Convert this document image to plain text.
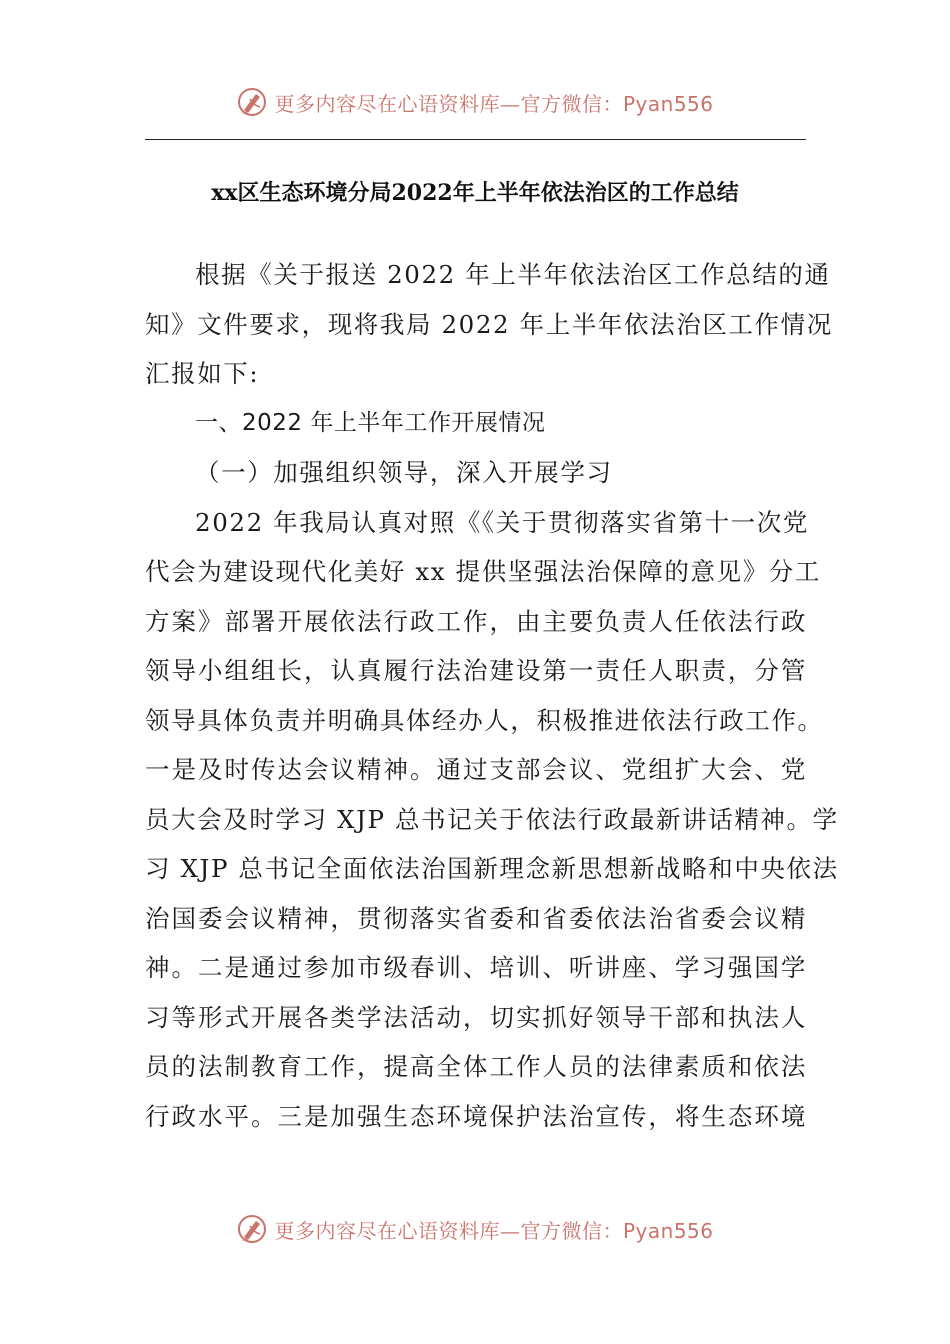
更多内容尽在心语资料库—官方微信：Pyan556
xx区生态环境分局2022年上半年依法治区的工作总结
根据《关于报送 2022 年上半年依法治区工作总结的通
知》文件要求，现将我局 2022 年上半年依法治区工作情况
汇报如下:
一、2022 年上半年工作开展情况
（一）加强组织领导，深入开展学习
2022 年我局认真对照《《关于贯彻落实省第十一次党
代会为建设现代化美好 xx 提供坚强法治保障的意见》分工
方案》部署开展依法行政工作，由主要负责人任依法行政
领导小组组长，认真履行法治建设第一责任人职责，分管
领导具体负责并明确具体经办人，积极推进依法行政工作。
一是及时传达会议精神。通过支部会议、党组扩大会、党
员大会及时学习 XJP 总书记关于依法行政最新讲话精神。学
习 XJP 总书记全面依法治国新理念新思想新战略和中央依法
治国委会议精神，贯彻落实省委和省委依法治省委会议精
神。二是通过参加市级春训、培训、听讲座、学习强国学
习等形式开展各类学法活动，切实抓好领导干部和执法人
员的法制教育工作，提高全体工作人员的法律素质和依法
行政水平。三是加强生态环境保护法治宣传，将生态环境
更多内容尽在心语资料库—官方微信：Pyan556
